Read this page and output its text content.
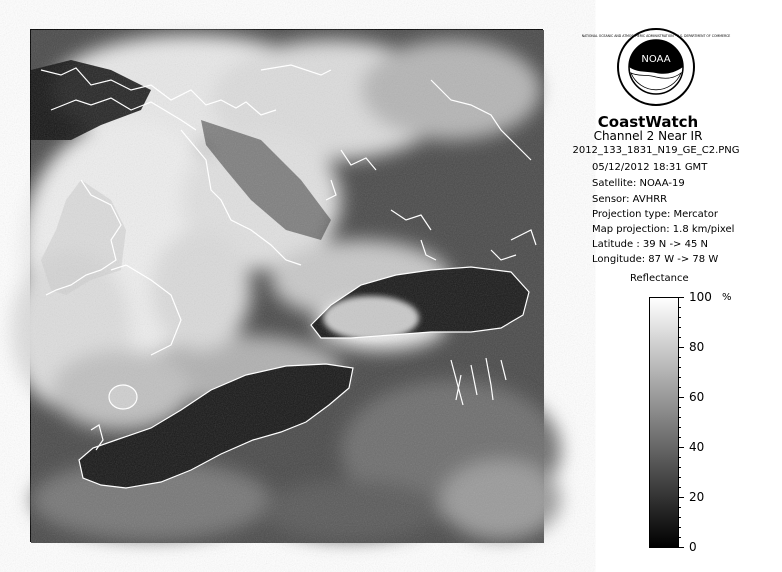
NOAA
NATIONAL OCEANIC AND ATMOSPHERIC ADMINISTRATION · U.S. DEPARTMENT OF COMMERCE
CoastWatch
Channel 2 Near IR
2012_133_1831_N19_GE_C2.PNG
05/12/2012 18:31 GMT
Satellite: NOAA-19
Sensor: AVHRR
Projection type: Mercator
Map projection: 1.8 km/pixel
Latitude : 39 N -> 45 N
Longitude: 87 W -> 78 W
Reflectance
%
100
80
60
40
20
0
